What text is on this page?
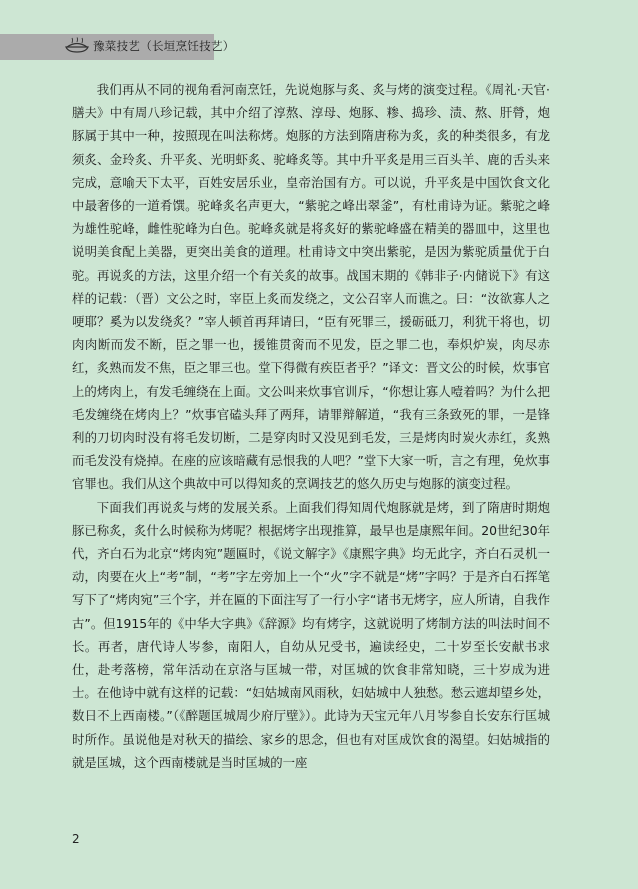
豫菜技艺（长垣烹饪技艺）

我们再从不同的视角看河南烹饪，先说炮豚与炙、炙与烤的演变过程。《周礼·天官·膳夫》中有周八珍记载，其中介绍了淳熬、淳母、炮豚、糁、捣珍、渍、熬、肝膋，炮豚属于其中一种，按照现在叫法称烤。炮豚的方法到隋唐称为炙，炙的种类很多，有龙须炙、金玲炙、升平炙、光明虾炙、驼峰炙等。其中升平炙是用三百头羊、鹿的舌头来完成，意喻天下太平，百姓安居乐业，皇帝治国有方。可以说，升平炙是中国饮食文化中最奢侈的一道肴馔。驼峰炙名声更大，“紫驼之峰出翠釜”，有杜甫诗为证。紫驼之峰为雄性驼峰，雌性驼峰为白色。驼峰炙就是将炙好的紫驼峰盛在精美的器皿中，这里也说明美食配上美器，更突出美食的道理。杜甫诗文中突出紫驼，是因为紫驼质量优于白驼。再说炙的方法，这里介绍一个有关炙的故事。战国末期的《韩非子·内储说下》有这样的记载：（晋）文公之时，宰臣上炙而发绕之，文公召宰人而谯之。曰：“汝欲寡人之哽耶？奚为以发绕炙？”宰人顿首再拜请曰，“臣有死罪三，援砺砥刀，利犹干将也，切肉肉断而发不断，臣之罪一也，援锥贯脔而不见发，臣之罪二也，奉炽炉炭，肉尽赤红，炙熟而发不焦，臣之罪三也。堂下得微有疾臣者乎？”译文：晋文公的时候，炊事官上的烤肉上，有发毛缠绕在上面。文公叫来炊事官训斥，“你想让寡人噎着吗？为什么把毛发缠绕在烤肉上？”炊事官磕头拜了两拜，请罪辩解道，“我有三条致死的罪，一是锋利的刀切肉时没有将毛发切断，二是穿肉时又没见到毛发，三是烤肉时炭火赤红，炙熟而毛发没有烧掉。在座的应该暗藏有忌恨我的人吧？”堂下大家一听，言之有理，免炊事官罪也。我们从这个典故中可以得知炙的烹调技艺的悠久历史与炮豚的演变过程。

下面我们再说炙与烤的发展关系。上面我们得知周代炮豚就是烤，到了隋唐时期炮豚已称炙，炙什么时候称为烤呢？根据烤字出现推算，最早也是康熙年间。20世纪30年代，齐白石为北京“烤肉宛”题匾时，《说文解字》《康熙字典》均无此字，齐白石灵机一动，肉要在火上“考”制，“考”字左旁加上一个“火”字不就是“烤”字吗？于是齐白石挥笔写下了“烤肉宛”三个字，并在匾的下面注写了一行小字“诸书无烤字，应人所请，自我作古”。但1915年的《中华大字典》《辞源》均有烤字，这就说明了烤制方法的叫法时间不长。再者，唐代诗人岑参，南阳人，自幼从兄受书，遍读经史，二十岁至长安献书求仕，赴考落榜，常年活动在京洛与匡城一带，对匡城的饮食非常知晓，三十岁成为进士。在他诗中就有这样的记载：“妇姑城南风雨秋，妇姑城中人独愁。愁云遮却望乡处，数日不上西南楼。”（《醉题匡城周少府厅壁》）。此诗为天宝元年八月岑参自长安东行匡城时所作。虽说他是对秋天的描绘、家乡的思念，但也有对匡成饮食的渴望。妇姑城指的就是匡城，这个西南楼就是当时匡城的一座

2
